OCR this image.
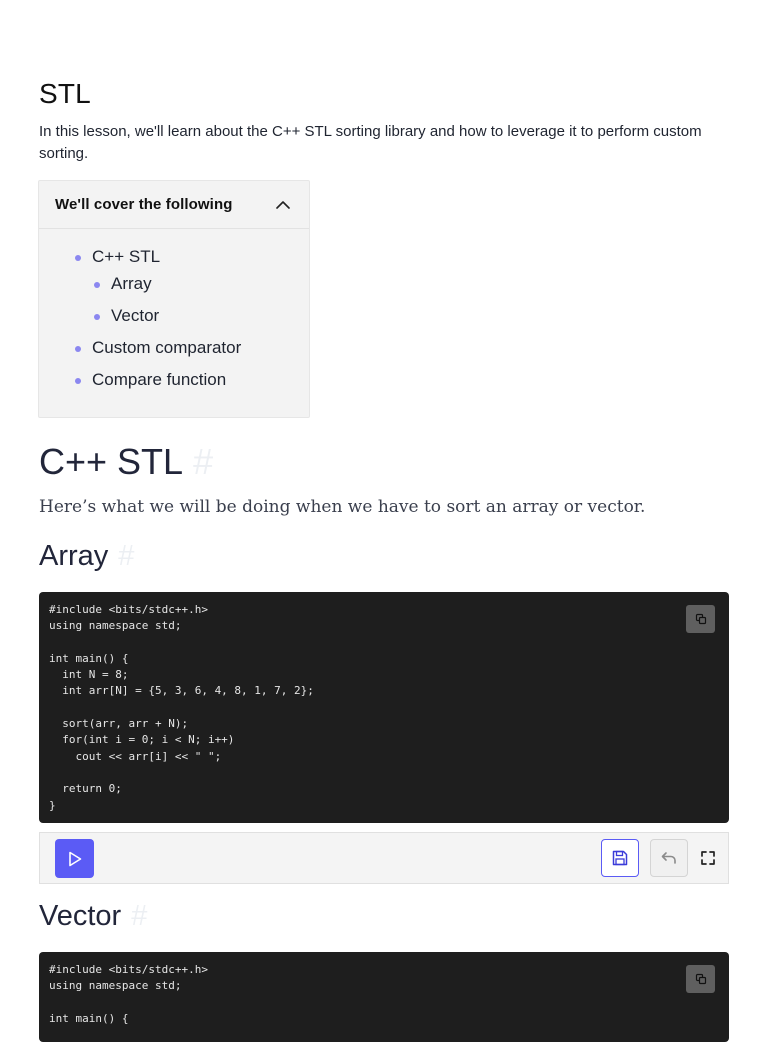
STL

In this lesson, we'll learn about the C++ STL sorting library and how to leverage it to perform custom sorting.

We'll cover the following
C++ STL
Array
Vector
Custom comparator
Compare function
C++ STL #

Here’s what we will be doing when we have to sort an array or vector.

Array #
#include <bits/stdc++.h>
using namespace std;

int main() {
int N = 8;
int arr[N] = {5, 3, 6, 4, 8, 1, 7, 2};

sort(arr, arr + N);
for(int i = 0; i < N; i++)
cout << arr[i] << " ";

return 0;
}
Vector #
#include <bits/stdc++.h>
using namespace std;

int main() {
